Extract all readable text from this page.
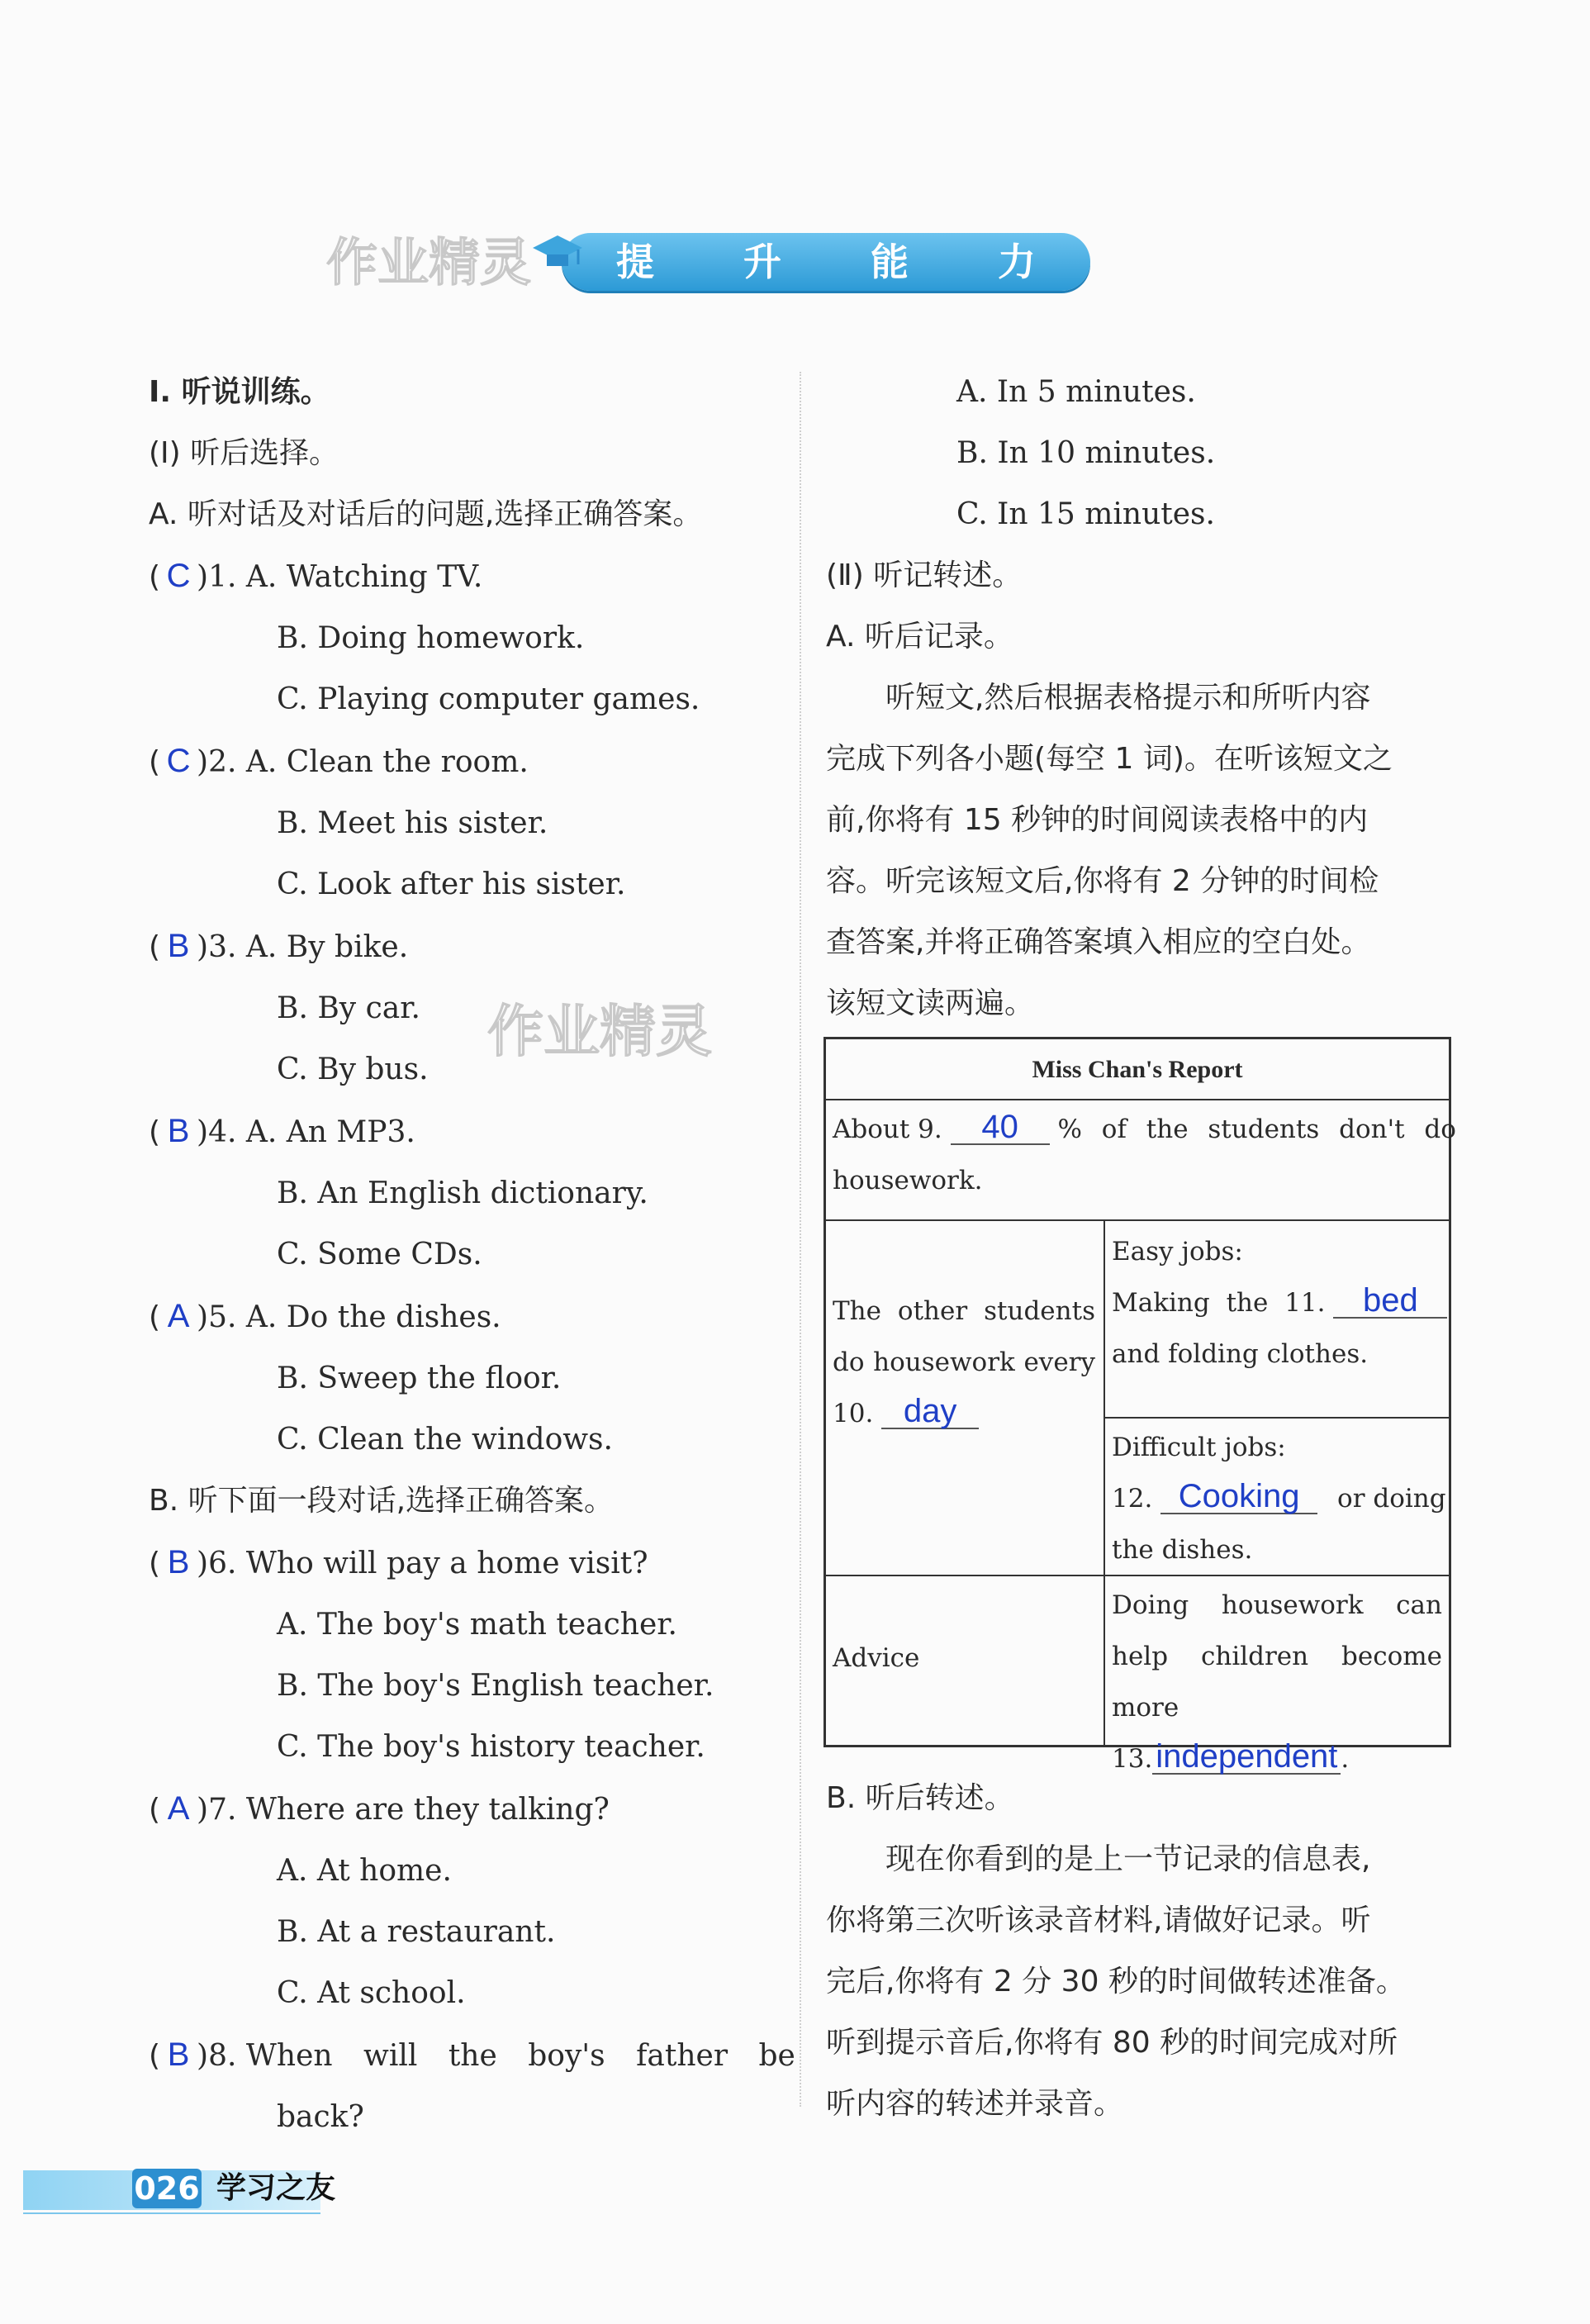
作业精灵	提 升 能 力
作业精灵
Ⅰ. 听说训练。
(Ⅰ) 听后选择。
A. 听对话及对话后的问题,选择正确答案。
( C )1. A. Watching TV.
B. Doing homework.
C. Playing computer games.
( C )2. A. Clean the room.
B. Meet his sister.
C. Look after his sister.
( B )3. A. By bike.
B. By car.
C. By bus.
( B )4. A. An MP3.
B. An English dictionary.
C. Some CDs.
( A )5. A. Do the dishes.
B. Sweep the floor.
C. Clean the windows.
B. 听下面一段对话,选择正确答案。
( B )6. Who will pay a home visit?
A. The boy's math teacher.
B. The boy's English teacher.
C. The boy's history teacher.
( A )7. Where are they talking?
A. At home.
B. At a restaurant.
C. At school.
( B )8. When will the boy's father be
back?
A. In 5 minutes.
B. In 10 minutes.
C. In 15 minutes.
(Ⅱ) 听记转述。
A. 听后记录。
听短文,然后根据表格提示和所听内容
完成下列各小题(每空 1 词)。在听该短文之
前,你将有 15 秒钟的时间阅读表格中的内
容。听完该短文后,你将有 2 分钟的时间检
查答案,并将正确答案填入相应的空白处。
该短文读两遍。
Miss Chan's Report
About 9. 40 % of the students don't do
housework.
The other students
do housework every
10. day
Easy jobs:
Making the 11. bed
and folding clothes.
Difficult jobs:
12. Cooking or doing
the dishes.
Advice
Doing housework can
help children become more
13.independent .
B. 听后转述。
现在你看到的是上一节记录的信息表,
你将第三次听该录音材料,请做好记录。听
完后,你将有 2 分 30 秒的时间做转述准备。
听到提示音后,你将有 80 秒的时间完成对所
听内容的转述并录音。
026 学习之友
